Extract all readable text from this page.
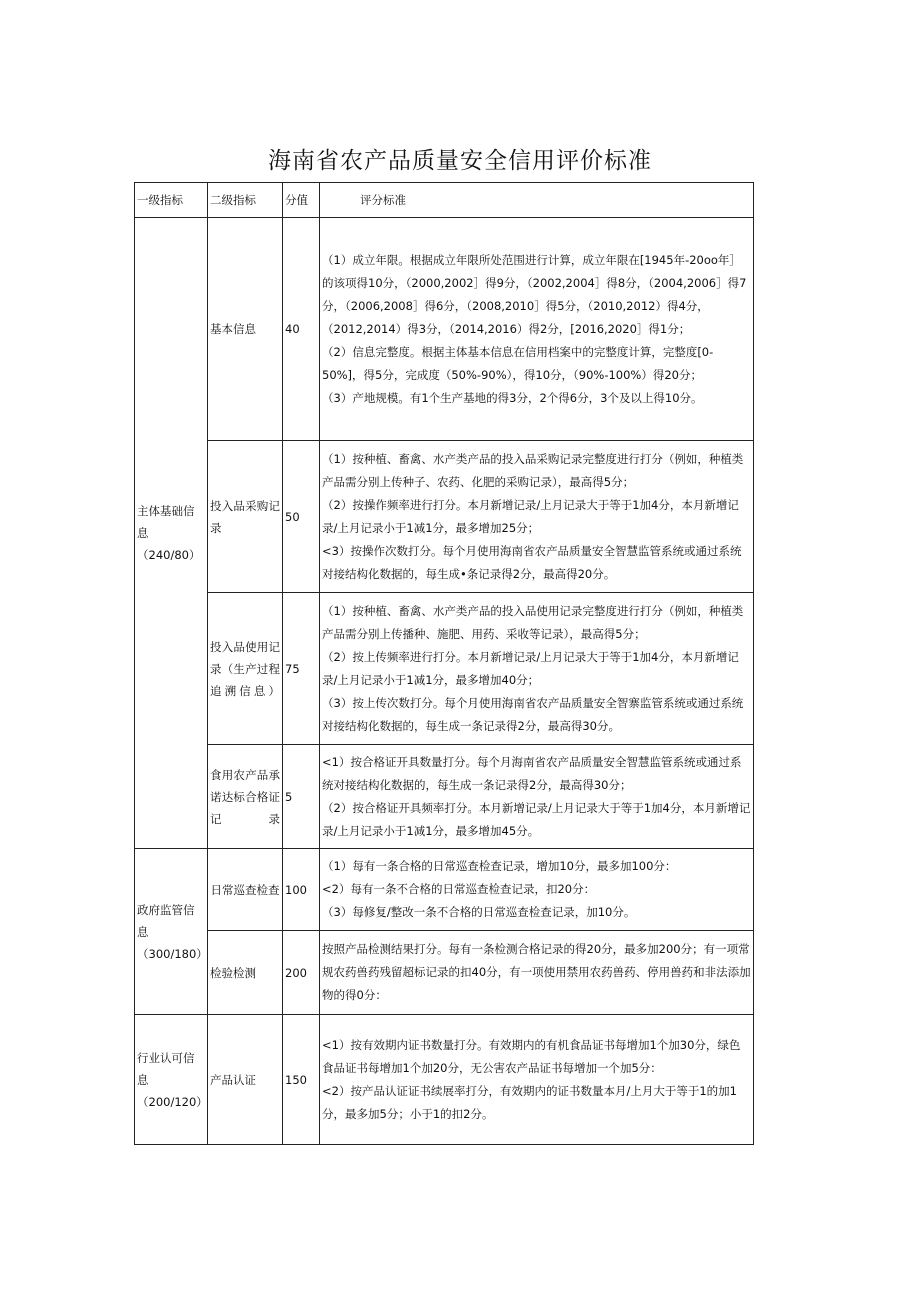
海南省农产品质量安全信用评价标准
一级指标	二级指标	分值	评分标准
主体基础信息（240/80）	基本信息	40	（1）成立年限。根据成立年限所处范围进行计算，成立年限在[1945年-20oo年］的该项得10分，（2000,2002］得9分，（2002,2004］得8分，（2004,2006］得7分，（2006,2008］得6分，（2008,2010］得5分，（2010,2012）得4分，（2012,2014）得3分，（2014,2016）得2分，[2016,2020］得1分；
（2）信息完整度。根据主体基本信息在信用档案中的完整度计算，完整度[0-50%]，得5分，完成度（50%-90%），得10分，（90%-100%）得20分；
（3）产地规模。有1个生产基地的得3分，2个得6分，3个及以上得10分。

	投入品采购记录	50	（1）按种植、畜禽、水产类产品的投入品采购记录完整度进行打分（例如，种植类产品需分别上传种子、农药、化肥的采购记录），最高得5分；
（2）按操作频率进行打分。本月新增记录/上月记录大于等于1加4分，本月新增记录/上月记录小于1减1分，最多增加25分；
<3）按操作次数打分。每个月使用海南省农产品质量安全智慧监管系统或通过系统对接结构化数据的，每生成•条记录得2分，最高得20分。

	投入品使用记录（生产过程追溯信息）	75	（1）按种植、畜禽、水产类产品的投入品使用记录完整度进行打分（例如，种植类产品需分别上传播种、施肥、用药、采收等记录），最高得5分；
（2）按上传频率进行打分。本月新增记录/上月记录大于等于1加4分，本月新增记录/上月记录小于1减1分，最多增加40分；
（3）按上传次数打分。每个月使用海南省农产品质量安全智寨监管系统或通过系统对接结构化数据的，每生成一条记录得2分，最高得30分。

	食用农产品承诺达标合格证记录	5	<1）按合格证开具数量打分。每个月海南省农产品质量安全智慧监管系统或通过系统对接结构化数据的，每生成一条记录得2分，最高得30分；
（2）按合格证开具频率打分。本月新增记录/上月记录大于等于1加4分，本月新增记录/上月记录小于1减1分，最多增加45分。

政府监管信息（300/180）	日常巡查检查	100	（1）每有一条合格的日常巡查检查记录，增加10分，最多加100分：
<2）每有一条不合格的日常巡查检查记录，扣20分：
（3）每修复/整改一条不合格的日常巡查检查记录，加10分。

	检验检测	200	按照产品检测结果打分。每有一条检测合格记录的得20分，最多加200分；有一项常规农药兽药残留超标记录的扣40分，有一项使用禁用农药兽药、停用兽药和非法添加物的得0分：

行业认可信息（200/120）	产品认证	150	<1）按有效期内证书数量打分。有效期内的有机食品证书每增加1个加30分，绿色食品证书每增加1个加20分，无公害农产品证书每增加一个加5分：
<2）按产品认证证书续展率打分，有效期内的证书数量本月/上月大于等于1的加1分，最多加5分；小于1的扣2分。
